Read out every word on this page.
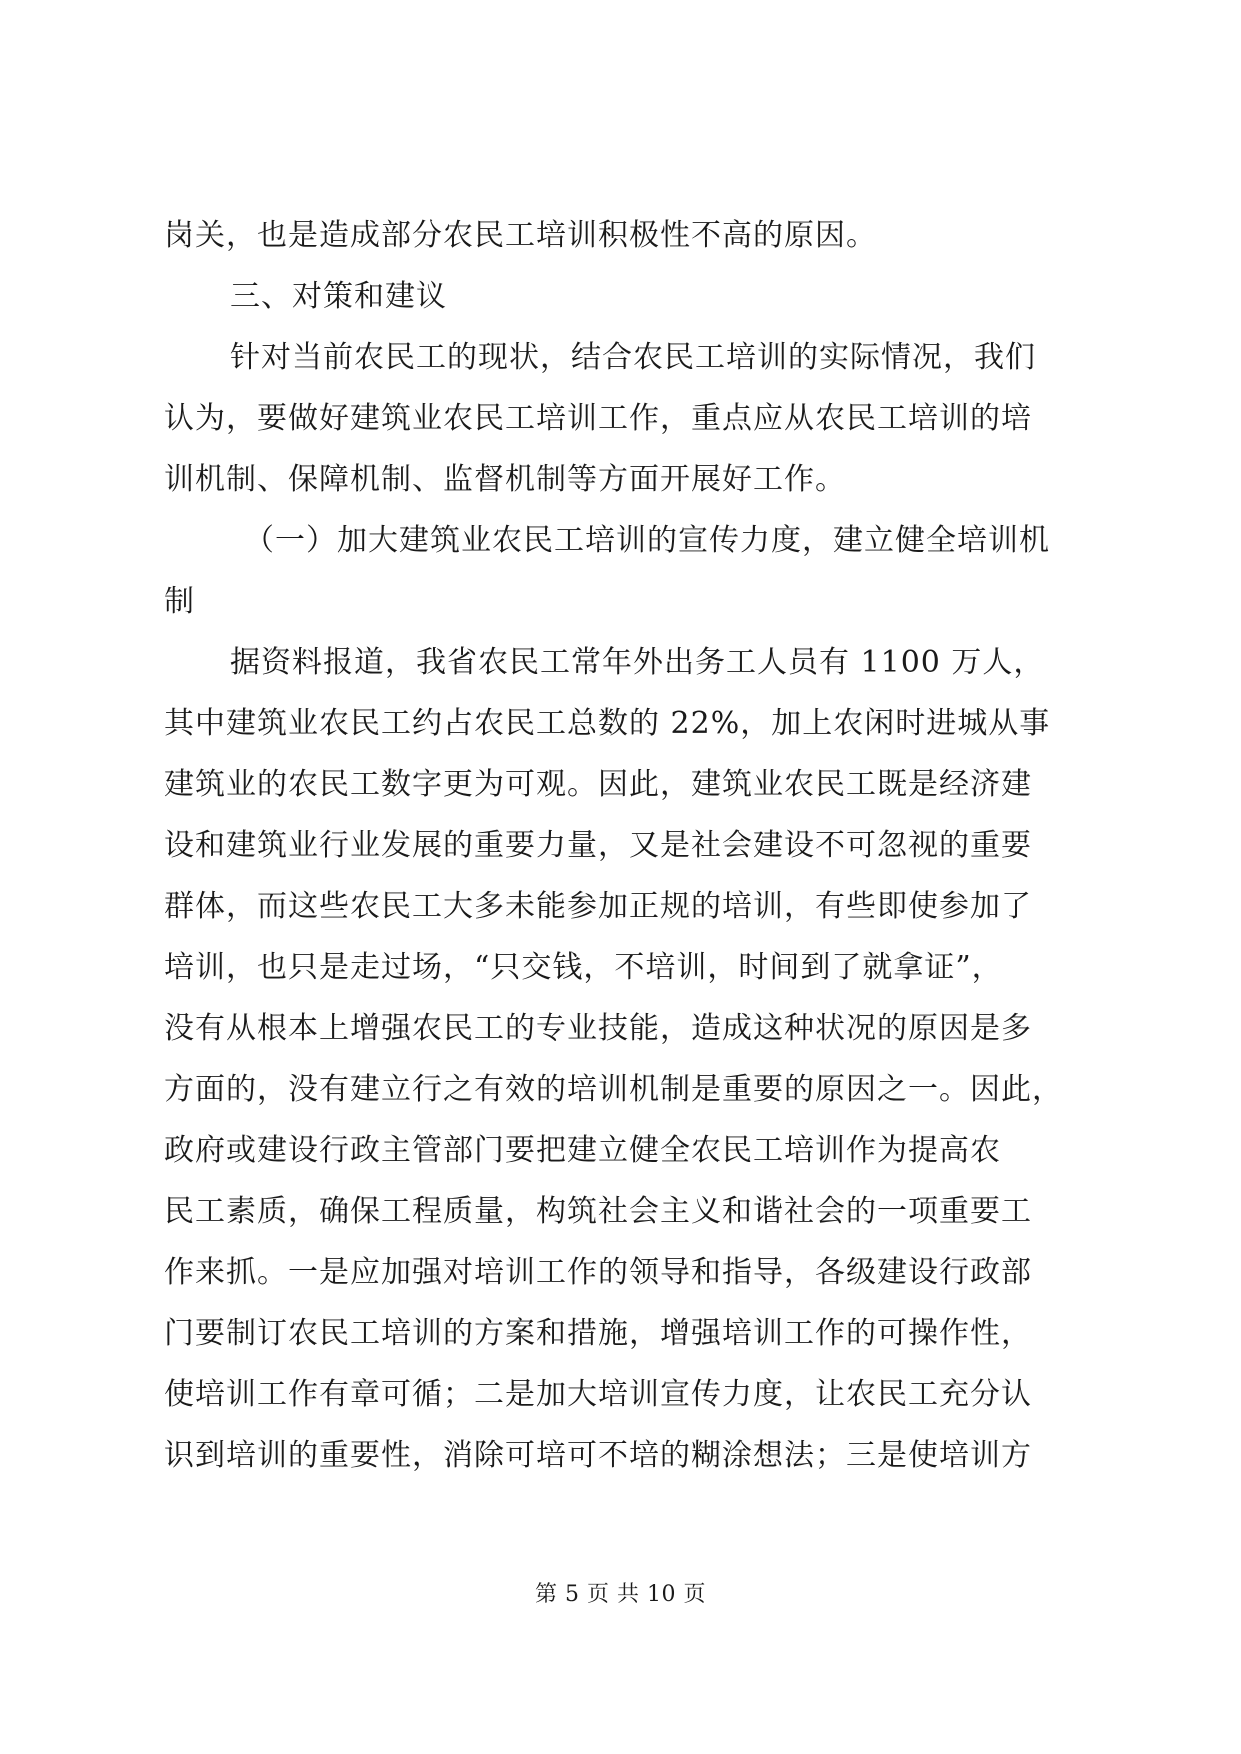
岗关，也是造成部分农民工培训积极性不高的原因。
三、对策和建议
针对当前农民工的现状，结合农民工培训的实际情况，我们
认为，要做好建筑业农民工培训工作，重点应从农民工培训的培
训机制、保障机制、监督机制等方面开展好工作。
（一）加大建筑业农民工培训的宣传力度，建立健全培训机
制
据资料报道，我省农民工常年外出务工人员有 1100 万人，
其中建筑业农民工约占农民工总数的 22%，加上农闲时进城从事
建筑业的农民工数字更为可观。因此，建筑业农民工既是经济建
设和建筑业行业发展的重要力量，又是社会建设不可忽视的重要
群体，而这些农民工大多未能参加正规的培训，有些即使参加了
培训，也只是走过场，“只交钱，不培训，时间到了就拿证”，
没有从根本上增强农民工的专业技能，造成这种状况的原因是多
方面的，没有建立行之有效的培训机制是重要的原因之一。因此，
政府或建设行政主管部门要把建立健全农民工培训作为提高农
民工素质，确保工程质量，构筑社会主义和谐社会的一项重要工
作来抓。一是应加强对培训工作的领导和指导，各级建设行政部
门要制订农民工培训的方案和措施，增强培训工作的可操作性，
使培训工作有章可循；二是加大培训宣传力度，让农民工充分认
识到培训的重要性，消除可培可不培的糊涂想法；三是使培训方
第 5 页 共 10 页
